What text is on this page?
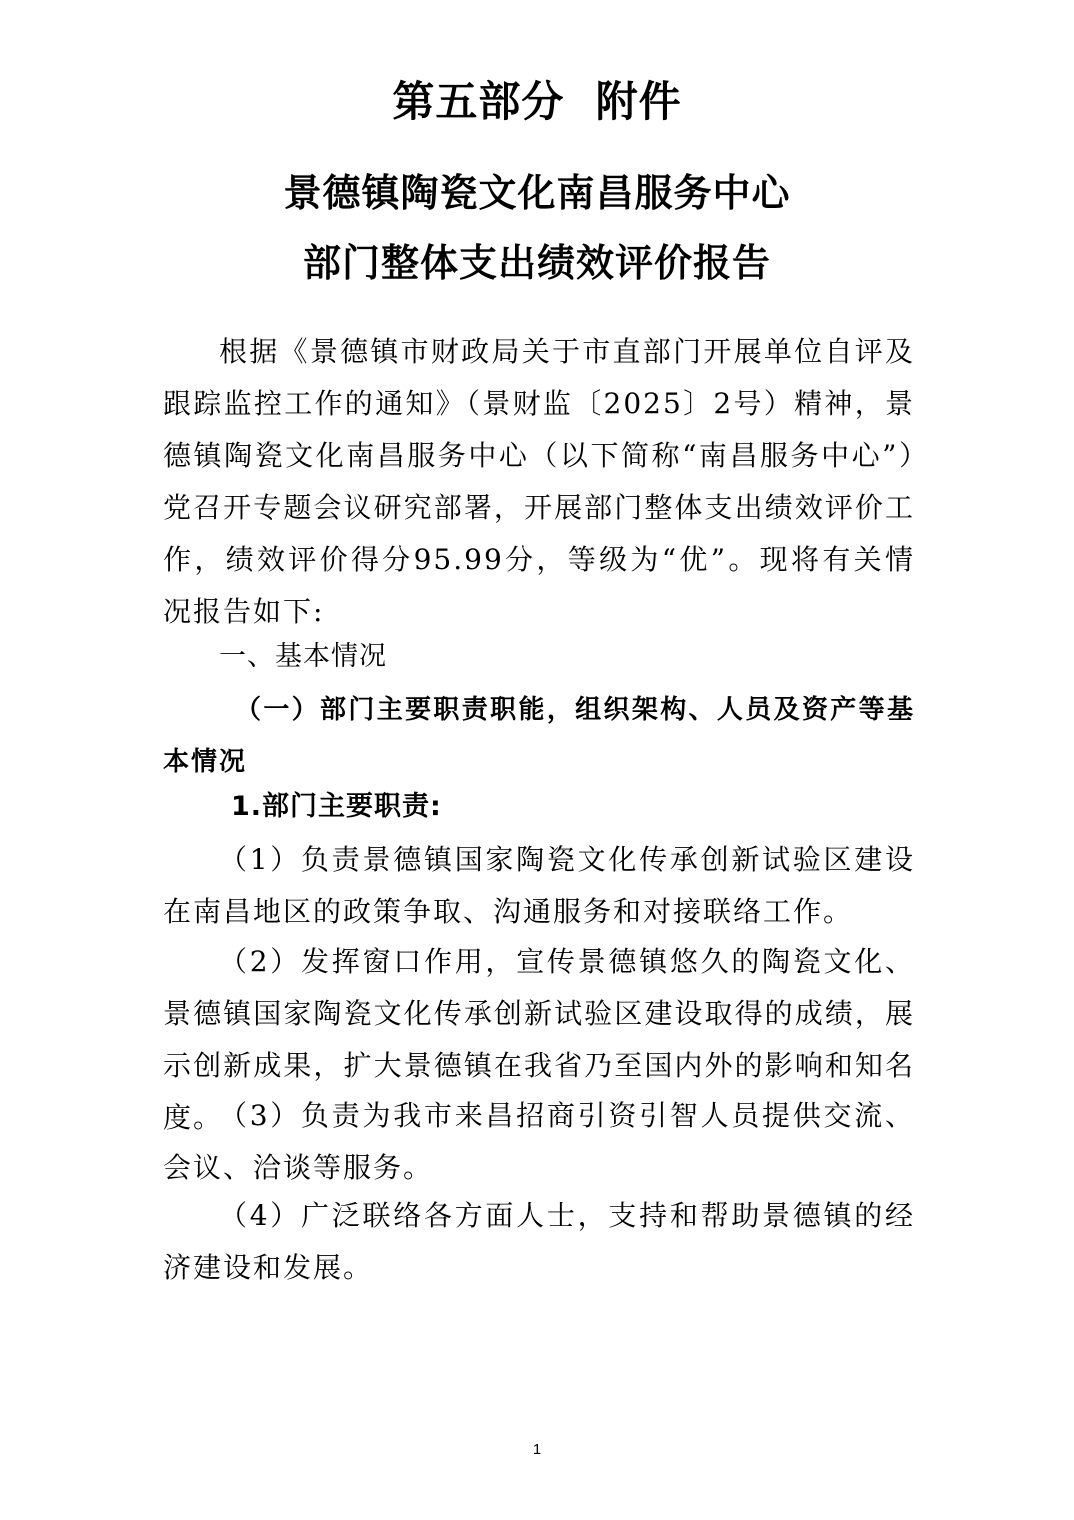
第五部分  附件
景德镇陶瓷文化南昌服务中心
部门整体支出绩效评价报告

根据《景德镇市财政局关于市直部门开展单位自评及跟踪监控工作的通知》（景财监〔2025〕2号）精神，景德镇陶瓷文化南昌服务中心（以下简称“南昌服务中心”）党召开专题会议研究部署，开展部门整体支出绩效评价工作，绩效评价得分95.99分，等级为“优”。现将有关情况报告如下:

一、基本情况

（一）部门主要职责职能，组织架构、人员及资产等基本情况

1.部门主要职责:

（1）负责景德镇国家陶瓷文化传承创新试验区建设在南昌地区的政策争取、沟通服务和对接联络工作。

（2）发挥窗口作用，宣传景德镇悠久的陶瓷文化、景德镇国家陶瓷文化传承创新试验区建设取得的成绩，展示创新成果，扩大景德镇在我省乃至国内外的影响和知名度。

（3）负责为我市来昌招商引资引智人员提供交流、会议、洽谈等服务。

（4）广泛联络各方面人士，支持和帮助景德镇的经济建设和发展。

1
